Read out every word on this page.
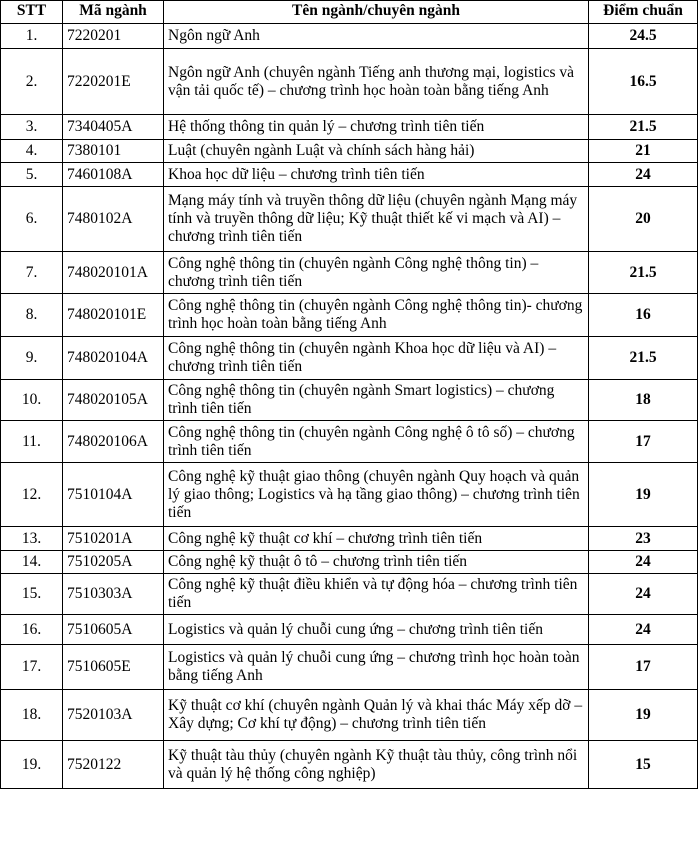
STT	Mã ngành	Tên ngành/chuyên ngành	Điểm chuẩn
1.	7220201	Ngôn ngữ Anh	24.5
2.	7220201E	Ngôn ngữ Anh (chuyên ngành Tiếng anh thương mại, logistics và vận tải quốc tế) – chương trình học hoàn toàn bằng tiếng Anh	16.5
3.	7340405A	Hệ thống thông tin quản lý – chương trình tiên tiến	21.5
4.	7380101	Luật (chuyên ngành Luật và chính sách hàng hải)	21
5.	7460108A	Khoa học dữ liệu – chương trình tiên tiến	24
6.	7480102A	Mạng máy tính và truyền thông dữ liệu (chuyên ngành Mạng máy tính và truyền thông dữ liệu; Kỹ thuật thiết kế vi mạch và AI) – chương trình tiên tiến	20
7.	748020101A	Công nghệ thông tin (chuyên ngành Công nghệ thông tin) – chương trình tiên tiến	21.5
8.	748020101E	Công nghệ thông tin (chuyên ngành Công nghệ thông tin)- chương trình học hoàn toàn bằng tiếng Anh	16
9.	748020104A	Công nghệ thông tin (chuyên ngành Khoa học dữ liệu và AI) – chương trình tiên tiến	21.5
10.	748020105A	Công nghệ thông tin (chuyên ngành Smart logistics) – chương trình tiên tiến	18
11.	748020106A	Công nghệ thông tin (chuyên ngành Công nghệ ô tô số) – chương trình tiên tiến	17
12.	7510104A	Công nghệ kỹ thuật giao thông (chuyên ngành Quy hoạch và quản lý giao thông; Logistics và hạ tầng giao thông) – chương trình tiên tiến	19
13.	7510201A	Công nghệ kỹ thuật cơ khí – chương trình tiên tiến	23
14.	7510205A	Công nghệ kỹ thuật ô tô – chương trình tiên tiến	24
15.	7510303A	Công nghệ kỹ thuật điều khiển và tự động hóa – chương trình tiên tiến	24
16.	7510605A	Logistics và quản lý chuỗi cung ứng – chương trình tiên tiến	24
17.	7510605E	Logistics và quản lý chuỗi cung ứng – chương trình học hoàn toàn bằng tiếng Anh	17
18.	7520103A	Kỹ thuật cơ khí (chuyên ngành Quản lý và khai thác Máy xếp dỡ – Xây dựng; Cơ khí tự động) – chương trình tiên tiến	19
19.	7520122	Kỹ thuật tàu thủy (chuyên ngành Kỹ thuật tàu thủy, công trình nổi và quản lý hệ thống công nghiệp)	15
